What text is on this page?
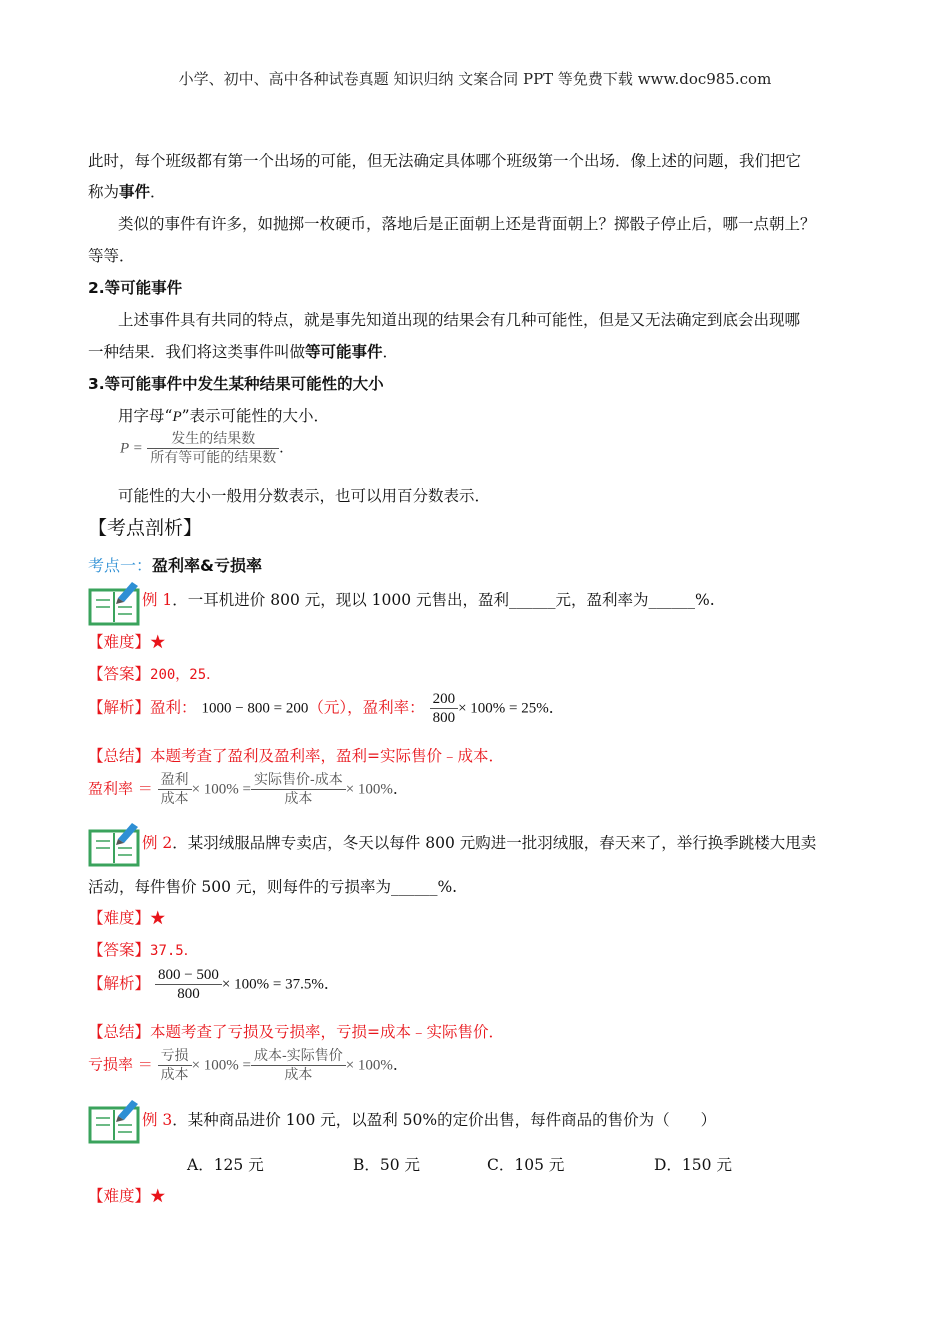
小学、初中、高中各种试卷真题 知识归纳 文案合同 PPT 等免费下载 www.doc985.com
此时，每个班级都有第一个出场的可能，但无法确定具体哪个班级第一个出场．像上述的问题，我们把它
称为事件．
类似的事件有许多，如抛掷一枚硬币，落地后是正面朝上还是背面朝上？掷骰子停止后，哪一点朝上？
等等．
2.等可能事件
上述事件具有共同的特点，就是事先知道出现的结果会有几种可能性，但是又无法确定到底会出现哪
一种结果．我们将这类事件叫做等可能事件．
3.等可能事件中发生某种结果可能性的大小
用字母“P”表示可能性的大小．
$P = \frac{\text{发生的结果数}}{\text{所有等可能的结果数}}$ ．
可能性的大小一般用分数表示，也可以用百分数表示．
【考点剖析】
考点一：盈利率&亏损率
例 1．一耳机进价 800 元，现以 1000 元售出，盈利______元，盈利率为______%.
【难度】★
【答案】200，25．
【解析】盈利： 1000 − 800 = 200（元），盈利率： $\frac{200}{800} \times 100\% = 25\%$．
【总结】本题考查了盈利及盈利率，盈利=实际售价﹣成本．
盈利率 ＝ $\frac{\text{盈利}}{\text{成本}} \times 100\% = \frac{\text{实际售价-成本}}{\text{成本}} \times 100\%$．
例 2．某羽绒服品牌专卖店，冬天以每件 800 元购进一批羽绒服，春天来了，举行换季跳楼大甩卖
活动，每件售价 500 元，则每件的亏损率为______%.
【难度】★
【答案】37.5．
【解析】 $\frac{800 - 500}{800} \times 100\% = 37.5\%$．
【总结】本题考查了亏损及亏损率，亏损=成本﹣实际售价．
亏损率 ＝ $\frac{\text{亏损}}{\text{成本}} \times 100\% = \frac{\text{成本-实际售价}}{\text{成本}} \times 100\%$．
例 3．某种商品进价 100 元，以盈利 50%的定价出售，每件商品的售价为（　　）
A．125 元	B．50 元	C．105 元	D．150 元
【难度】★
